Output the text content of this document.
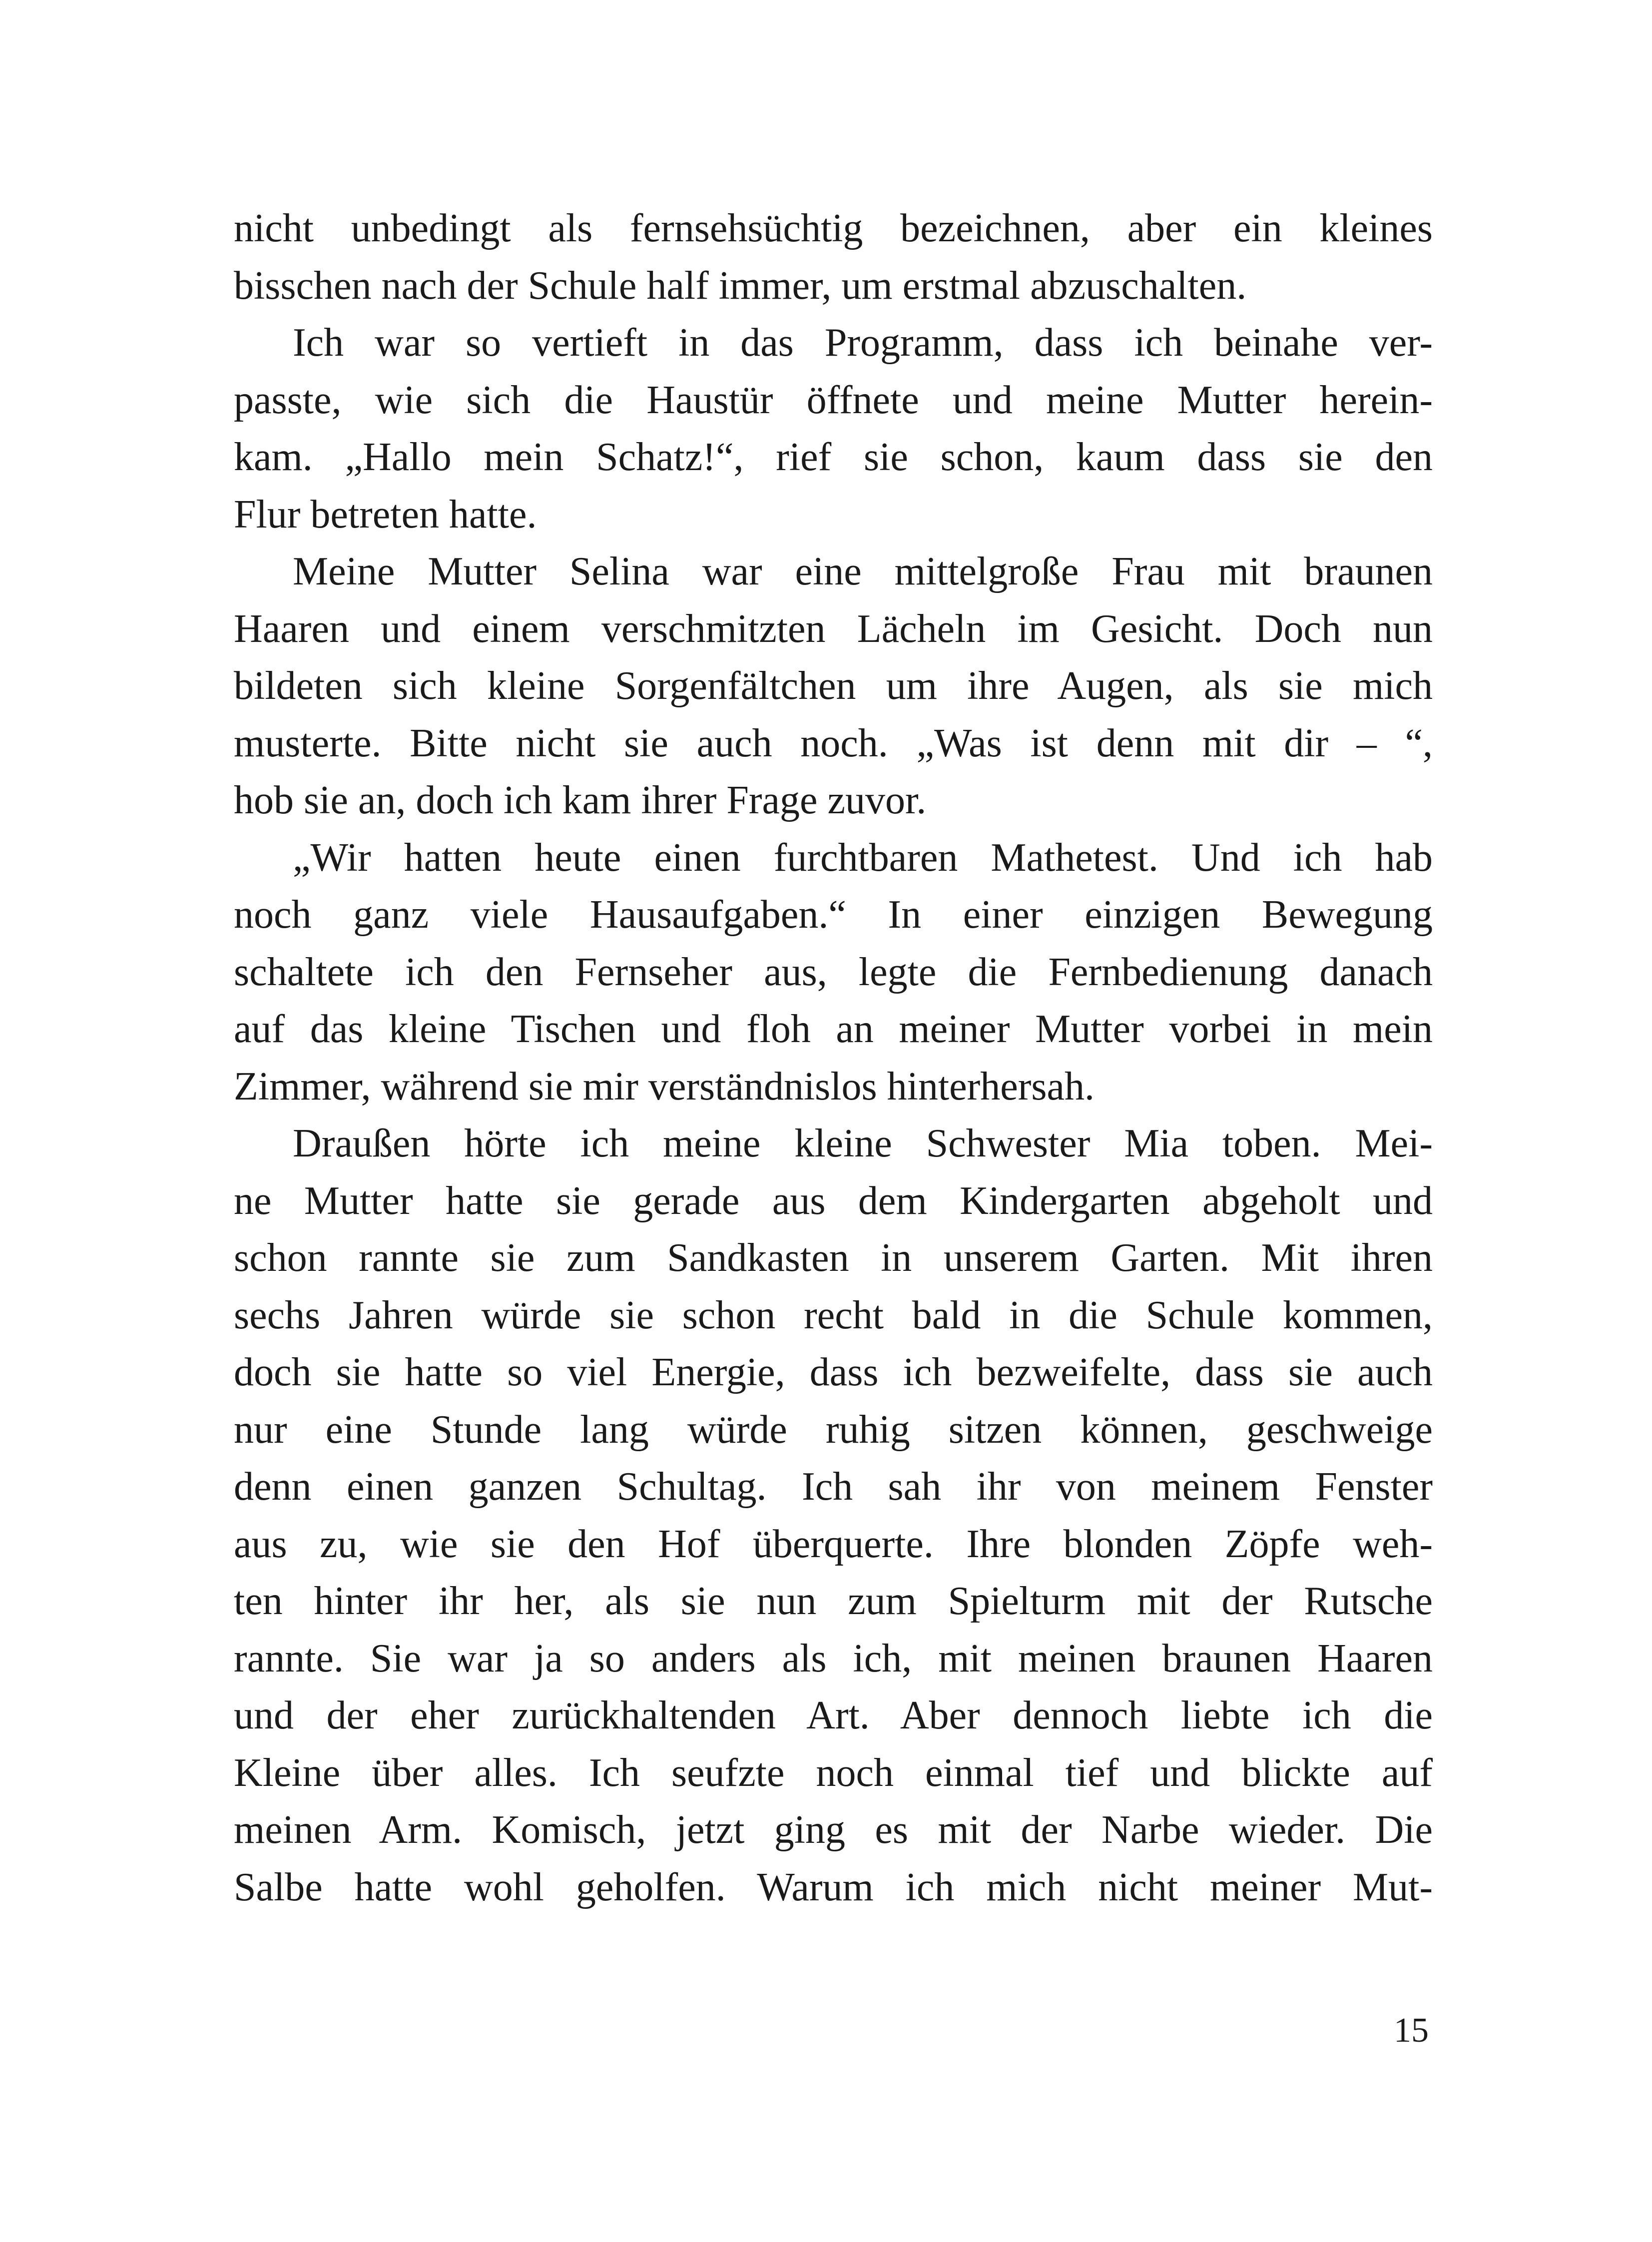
nicht unbedingt als fernsehsüchtig bezeichnen, aber ein kleines
bisschen nach der Schule half immer, um erstmal abzuschalten.
Ich war so vertieft in das Programm, dass ich beinahe ver-
passte, wie sich die Haustür öffnete und meine Mutter herein-
kam. „Hallo mein Schatz!“, rief sie schon, kaum dass sie den
Flur betreten hatte.
Meine Mutter Selina war eine mittelgroße Frau mit braunen
Haaren und einem verschmitzten Lächeln im Gesicht. Doch nun
bildeten sich kleine Sorgenfältchen um ihre Augen, als sie mich
musterte. Bitte nicht sie auch noch. „Was ist denn mit dir – “,
hob sie an, doch ich kam ihrer Frage zuvor.
„Wir hatten heute einen furchtbaren Mathetest. Und ich hab
noch ganz viele Hausaufgaben.“ In einer einzigen Bewegung
schaltete ich den Fernseher aus, legte die Fernbedienung danach
auf das kleine Tischen und floh an meiner Mutter vorbei in mein
Zimmer, während sie mir verständnislos hinterhersah.
Draußen hörte ich meine kleine Schwester Mia toben. Mei-
ne Mutter hatte sie gerade aus dem Kindergarten abgeholt und
schon rannte sie zum Sandkasten in unserem Garten. Mit ihren
sechs Jahren würde sie schon recht bald in die Schule kommen,
doch sie hatte so viel Energie, dass ich bezweifelte, dass sie auch
nur eine Stunde lang würde ruhig sitzen können, geschweige
denn einen ganzen Schultag. Ich sah ihr von meinem Fenster
aus zu, wie sie den Hof überquerte. Ihre blonden Zöpfe weh-
ten hinter ihr her, als sie nun zum Spielturm mit der Rutsche
rannte. Sie war ja so anders als ich, mit meinen braunen Haaren
und der eher zurückhaltenden Art. Aber dennoch liebte ich die
Kleine über alles. Ich seufzte noch einmal tief und blickte auf
meinen Arm. Komisch, jetzt ging es mit der Narbe wieder. Die
Salbe hatte wohl geholfen. Warum ich mich nicht meiner Mut-
15
